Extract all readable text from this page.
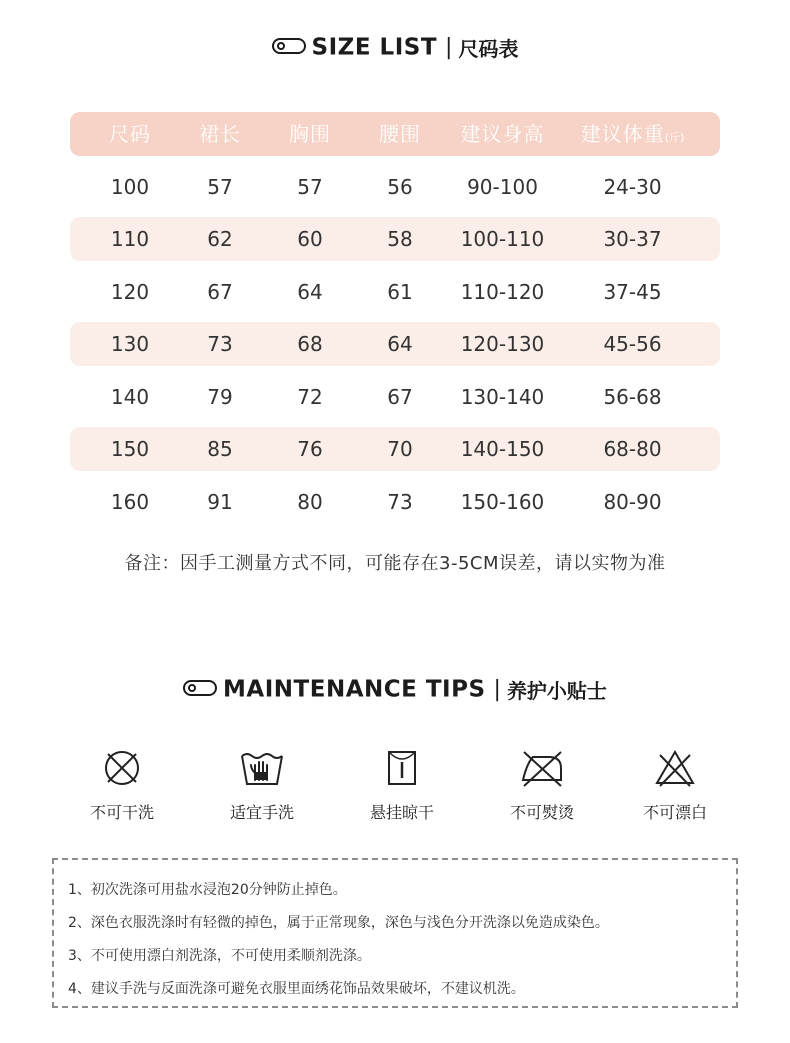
SIZE LIST | 尺码表
尺码	裙长	胸围	腰围	建议身高	建议体重(斤)
100	57	57	56	90-100	24-30
110	62	60	58	100-110	30-37
120	67	64	61	110-120	37-45
130	73	68	64	120-130	45-56
140	79	72	67	130-140	56-68
150	85	76	70	140-150	68-80
160	91	80	73	150-160	80-90
备注：因手工测量方式不同，可能存在3-5CM误差，请以实物为准
MAINTENANCE TIPS | 养护小贴士
不可干洗	适宜手洗	悬挂晾干	不可熨烫	不可漂白
1、初次洗涤可用盐水浸泡20分钟防止掉色。
2、深色衣服洗涤时有轻微的掉色，属于正常现象，深色与浅色分开洗涤以免造成染色。
3、不可使用漂白剂洗涤，不可使用柔顺剂洗涤。
4、建议手洗与反面洗涤可避免衣服里面绣花饰品效果破坏，不建议机洗。
